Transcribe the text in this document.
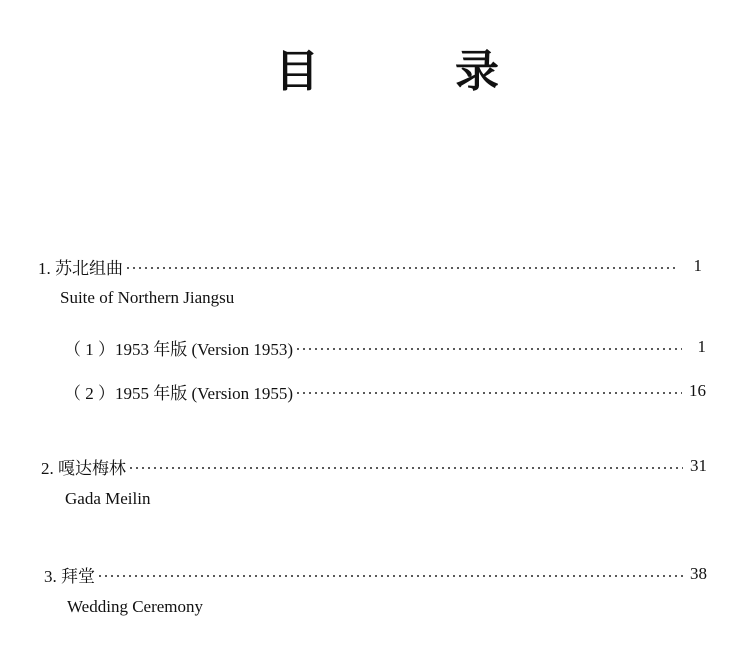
目　录
1. 苏北组曲	1
Suite of Northern Jiangsu
（ 1 ）1953 年版 (Version 1953)	1
（ 2 ）1955 年版 (Version 1955)	16
2. 嘎达梅林	31
Gada Meilin
3. 拜堂	38
Wedding Ceremony
